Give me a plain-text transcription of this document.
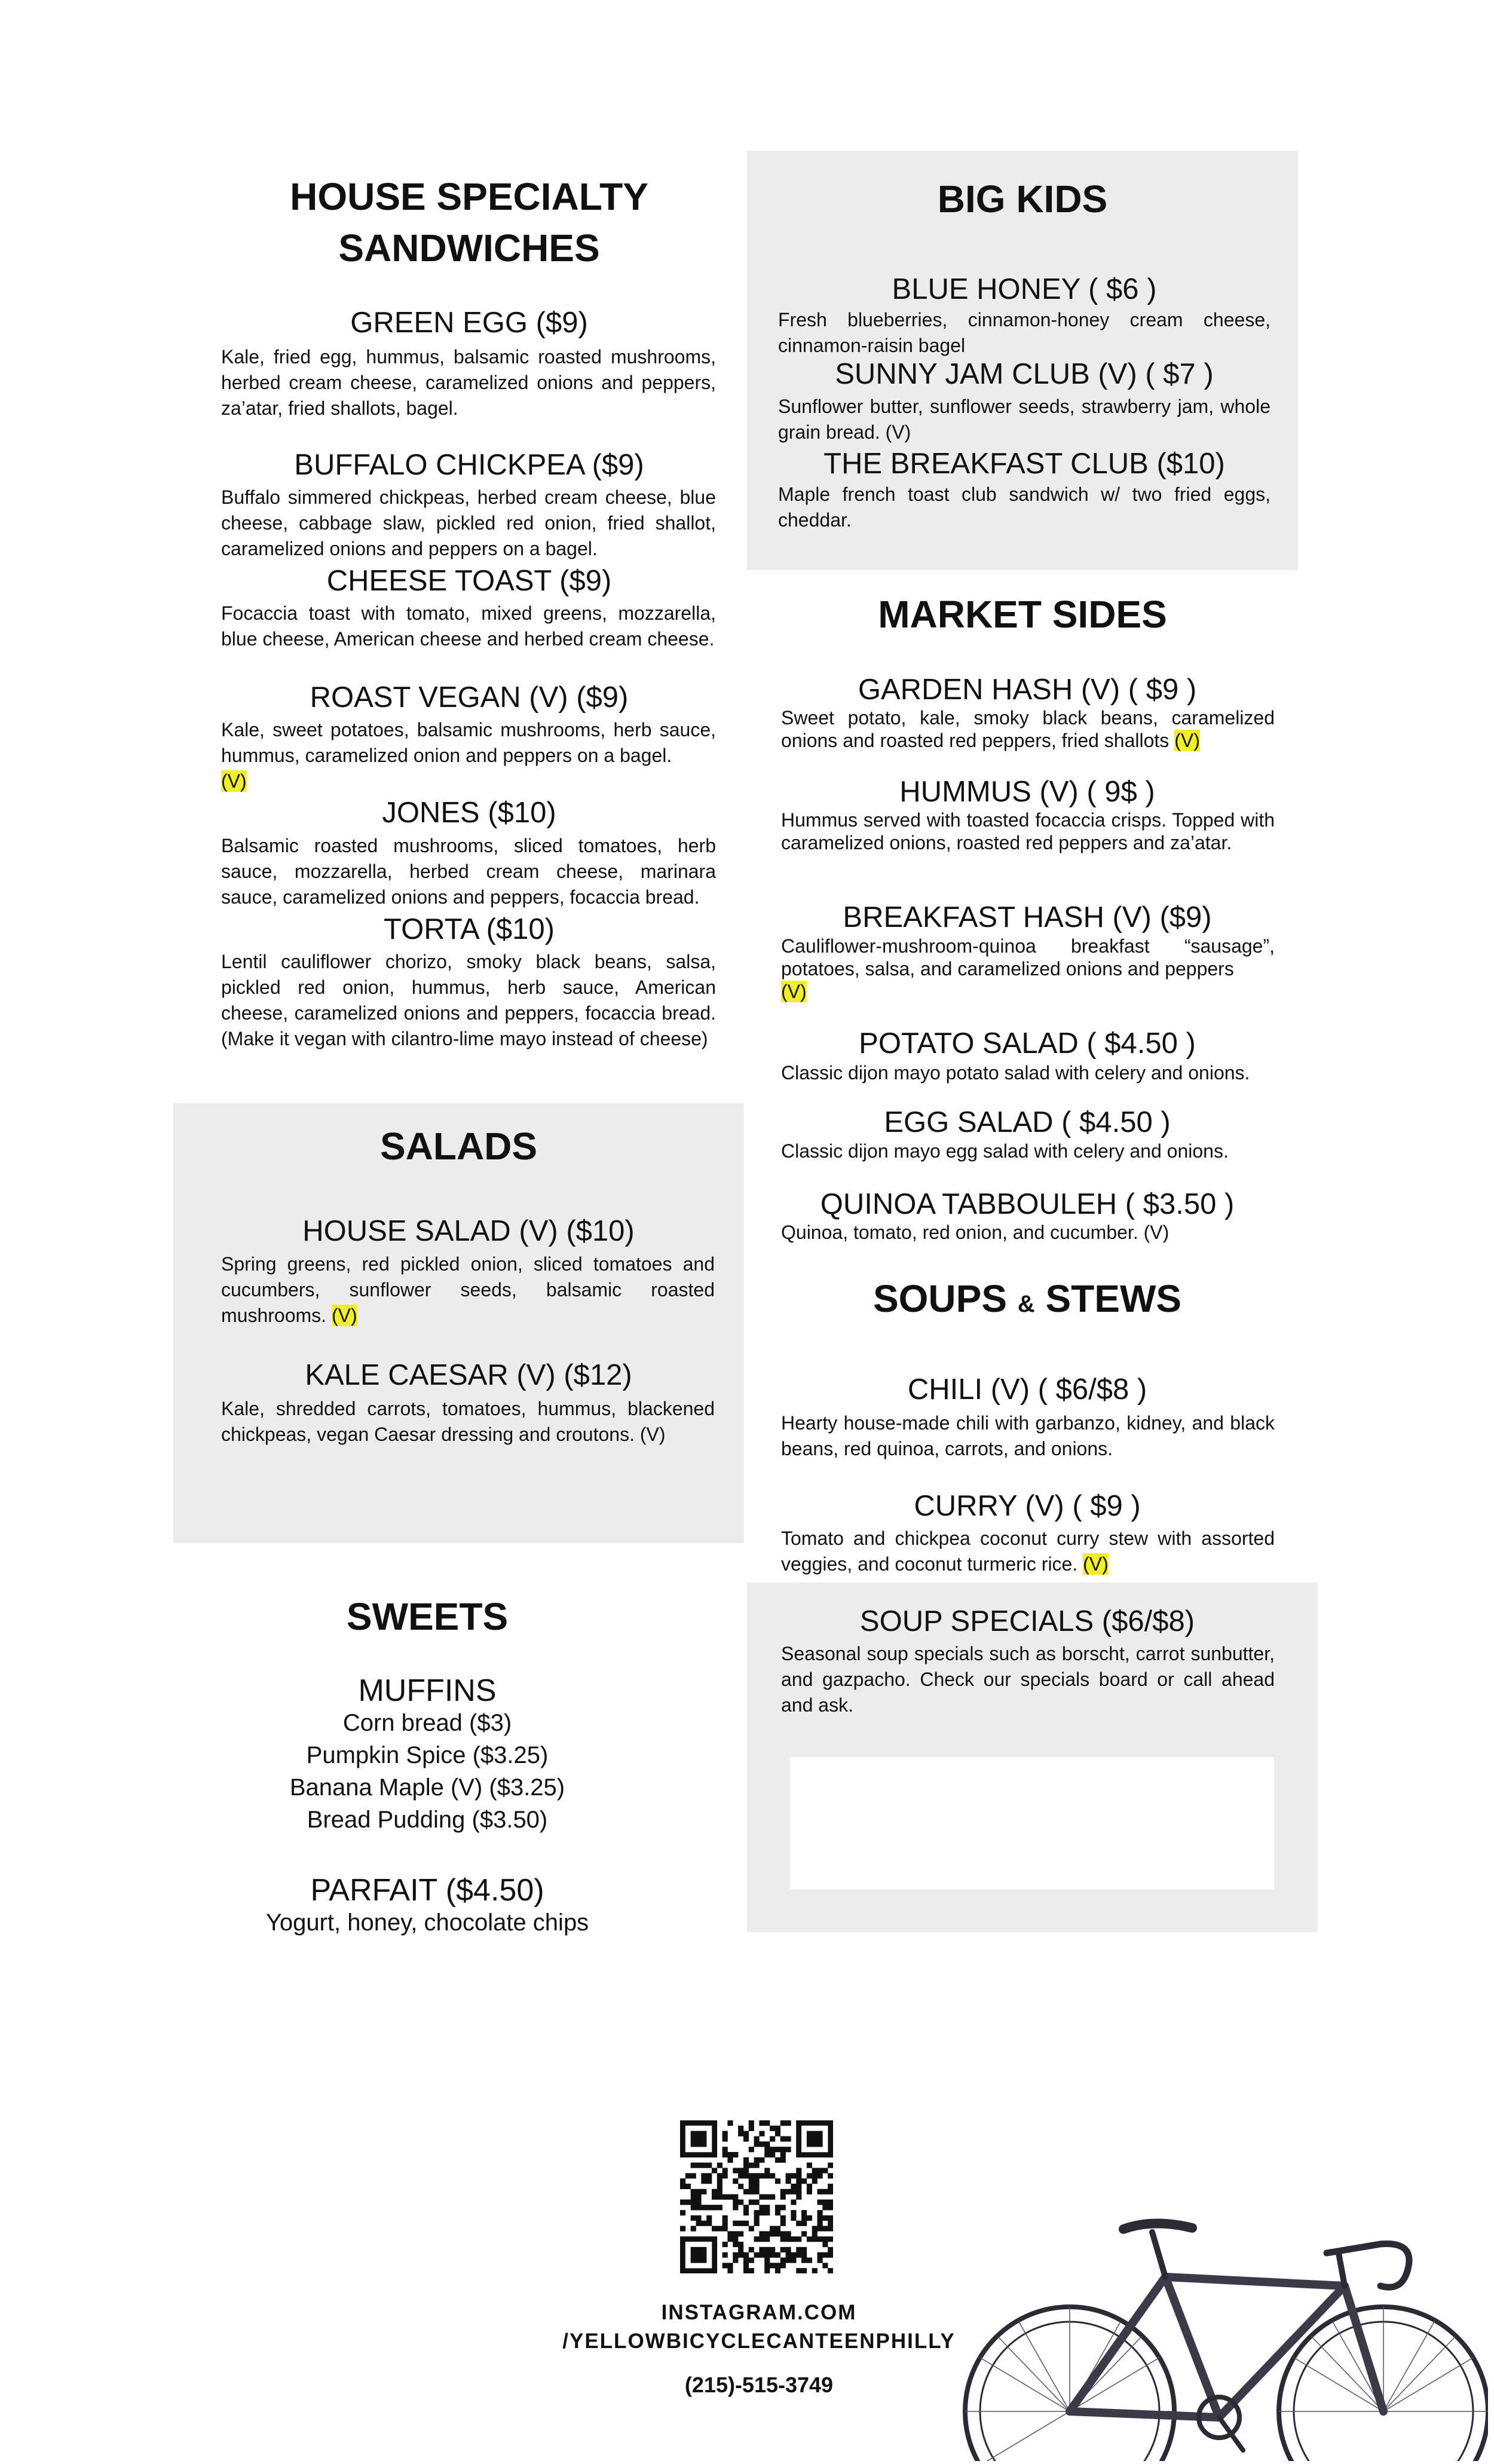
HOUSE SPECIALTY
SANDWICHES
GREEN EGG ($9)

Kale, fried egg, hummus, balsamic roasted mushrooms, herbed cream cheese, caramelized onions and peppers, za’atar, fried shallots, bagel.

BUFFALO CHICKPEA ($9)

Buffalo simmered chickpeas, herbed cream cheese, blue cheese, cabbage slaw, pickled red onion, fried shallot, caramelized onions and peppers on a bagel.

CHEESE TOAST ($9)

Focaccia toast with tomato, mixed greens, mozzarella, blue cheese, American cheese and herbed cream cheese.

ROAST VEGAN (V) ($9)

Kale, sweet potatoes, balsamic mushrooms, herb sauce, hummus, caramelized onion and peppers on a bagel.
(V)

JONES ($10)

Balsamic roasted mushrooms, sliced tomatoes, herb sauce, mozzarella, herbed cream cheese, marinara sauce, caramelized onions and peppers, focaccia bread.

TORTA ($10)

Lentil cauliflower chorizo, smoky black beans, salsa, pickled red onion, hummus, herb sauce, American cheese, caramelized onions and peppers, focaccia bread. (Make it vegan with cilantro-lime mayo instead of cheese)

BIG KIDS
BLUE HONEY ( $6 )

Fresh blueberries, cinnamon-honey cream cheese, cinnamon-raisin bagel

SUNNY JAM CLUB (V) ( $7 )

Sunflower butter, sunflower seeds, strawberry jam, whole grain bread. (V)

THE BREAKFAST CLUB ($10)

Maple french toast club sandwich w/ two fried eggs, cheddar.

MARKET SIDES
GARDEN HASH (V) ( $9 )

Sweet potato, kale, smoky black beans, caramelized onions and roasted red peppers, fried shallots (V)

HUMMUS (V) ( 9$ )

Hummus served with toasted focaccia crisps. Topped with caramelized onions, roasted red peppers and za’atar.

BREAKFAST HASH (V) ($9)

Cauliflower-mushroom-quinoa breakfast “sausage”, potatoes, salsa, and caramelized onions and peppers
(V)

POTATO SALAD ( $4.50 )

Classic dijon mayo potato salad with celery and onions.

EGG SALAD ( $4.50 )

Classic dijon mayo egg salad with celery and onions.

QUINOA TABBOULEH ( $3.50 )

Quinoa, tomato, red onion, and cucumber. (V)

SALADS
HOUSE SALAD (V) ($10)

Spring greens, red pickled onion, sliced tomatoes and cucumbers, sunflower seeds, balsamic roasted mushrooms. (V)

KALE CAESAR (V) ($12)

Kale, shredded carrots, tomatoes, hummus, blackened chickpeas, vegan Caesar dressing and croutons. (V)

SOUPS & STEWS
CHILI (V) ( $6/$8 )

Hearty house-made chili with garbanzo, kidney, and black beans, red quinoa, carrots, and onions.

CURRY (V) ( $9 )

Tomato and chickpea coconut curry stew with assorted veggies, and coconut turmeric rice. (V)

SOUP SPECIALS ($6/$8)

Seasonal soup specials such as borscht, carrot sunbutter, and gazpacho. Check our specials board or call ahead and ask.

SWEETS
MUFFINS
Corn bread ($3)
Pumpkin Spice ($3.25)
Banana Maple (V) ($3.25)
Bread Pudding ($3.50)
PARFAIT ($4.50)
Yogurt, honey, chocolate chips
INSTAGRAM.COM
/YELLOWBICYCLECANTEENPHILLY
(215)-515-3749
